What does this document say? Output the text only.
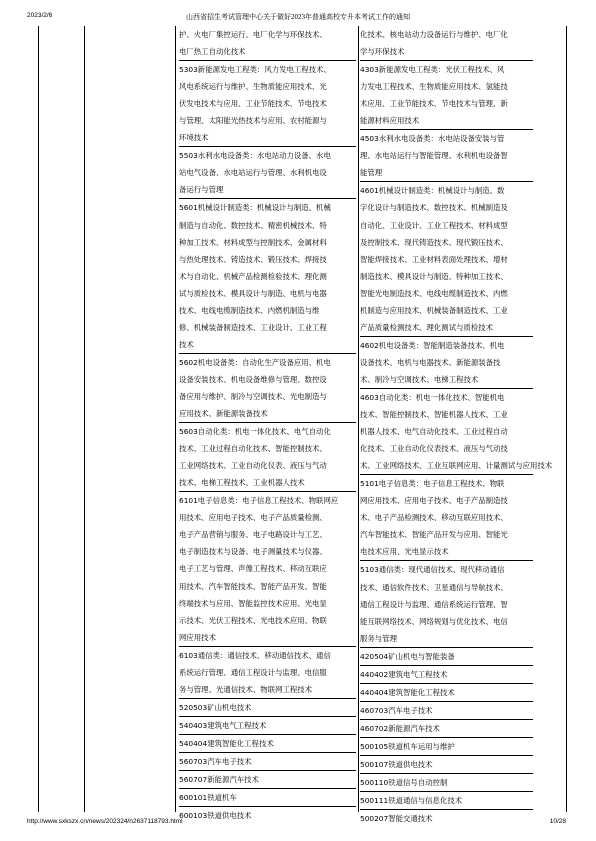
2023/2/6	山西省招生考试管理中心关于做好2023年普通高校专升本考试工作的通知
护、火电厂集控运行、电厂化学与环保技术、
电厂热工自动化技术
5303新能源发电工程类：风力发电工程技术、
风电系统运行与维护、生物质能应用技术、光
伏发电技术与应用、工业节能技术、节电技术
与管理、太阳能光热技术与应用、农村能源与
环境技术
5503水利水电设备类：水电站动力设备、水电
站电气设备、水电站运行与管理、水利机电设
备运行与管理
5601机械设计制造类：机械设计与制造、机械
制造与自动化、数控技术、精密机械技术、特
种加工技术、材料成型与控制技术、金属材料
与热处理技术、铸造技术、锻压技术、焊接技
术与自动化、机械产品检测检验技术、理化测
试与质检技术、模具设计与制造、电机与电器
技术、电线电缆制造技术、内燃机制造与维
修、机械装备制造技术、工业设计、工业工程
技术
5602机电设备类：自动化生产设备应用、机电
设备安装技术、机电设备维修与管理、数控设
备应用与维护、制冷与空调技术、光电制造与
应用技术、新能源装备技术
5603自动化类：机电一体化技术、电气自动化
技术、工业过程自动化技术、智能控制技术、
工业网络技术、工业自动化仪表、液压与气动
技术、电梯工程技术、工业机器人技术
6101电子信息类：电子信息工程技术、物联网应
用技术、应用电子技术、电子产品质量检测、
电子产品营销与服务、电子电路设计与工艺、
电子制造技术与设备、电子测量技术与仪器、
电子工艺与管理、声像工程技术、移动互联应
用技术、汽车智能技术、智能产品开发、智能
终端技术与应用、智能监控技术应用、光电显
示技术、光伏工程技术、光电技术应用、物联
网应用技术
6103通信类：通信技术、移动通信技术、通信
系统运行管理、通信工程设计与监理、电信服
务与管理、光通信技术、物联网工程技术
520503矿山机电技术
540403建筑电气工程技术
540404建筑智能化工程技术
560703汽车电子技术
560707新能源汽车技术
600101铁道机车
600103铁道供电技术
化技术、核电站动力设备运行与维护、电厂化
学与环保技术
4303新能源发电工程类：光伏工程技术、风
力发电工程技术、生物质能应用技术、氢能技
术应用、工业节能技术、节电技术与管理、新
能源材料应用技术
4503水利水电设备类：水电站设备安装与管
理、水电站运行与智能管理、水利机电设备智
能管理
4601机械设计制造类：机械设计与制造、数
字化设计与制造技术、数控技术、机械制造及
自动化、工业设计、工业工程技术、材料成型
及控制技术、现代铸造技术、现代锻压技术、
智能焊接技术、工业材料表面处理技术、增材
制造技术、模具设计与制造、特种加工技术、
智能光电制造技术、电线电缆制造技术、内燃
机制造与应用技术、机械装备制造技术、工业
产品质量检测技术、理化测试与质检技术
4602机电设备类：智能制造装备技术、机电
设备技术、电机与电器技术、新能源装备技
术、制冷与空调技术、电梯工程技术
4603自动化类：机电一体化技术、智能机电
技术、智能控制技术、智能机器人技术、工业
机器人技术、电气自动化技术、工业过程自动
化技术、工业自动化仪表技术、液压与气动技
术、工业网络技术、工业互联网应用、计量测试与应用技术
5101电子信息类：电子信息工程技术、物联
网应用技术、应用电子技术、电子产品制造技
术、电子产品检测技术、移动互联应用技术、
汽车智能技术、智能产品开发与应用、智能光
电技术应用、光电显示技术
5103通信类：现代通信技术、现代移动通信
技术、通信软件技术、卫星通信与导航技术、
通信工程设计与监理、通信系统运行管理、智
能互联网络技术、网络规划与优化技术、电信
服务与管理
420504矿山机电与智能装备
440402建筑电气工程技术
440404建筑智能化工程技术
460703汽车电子技术
460702新能源汽车技术
500105铁道机车运用与维护
500107铁道供电技术
500110铁道信号自动控制
500111铁道通信与信息化技术
500207智能交通技术
http://www.sxkszx.cn/news/202324/n2637118793.html	10/28
